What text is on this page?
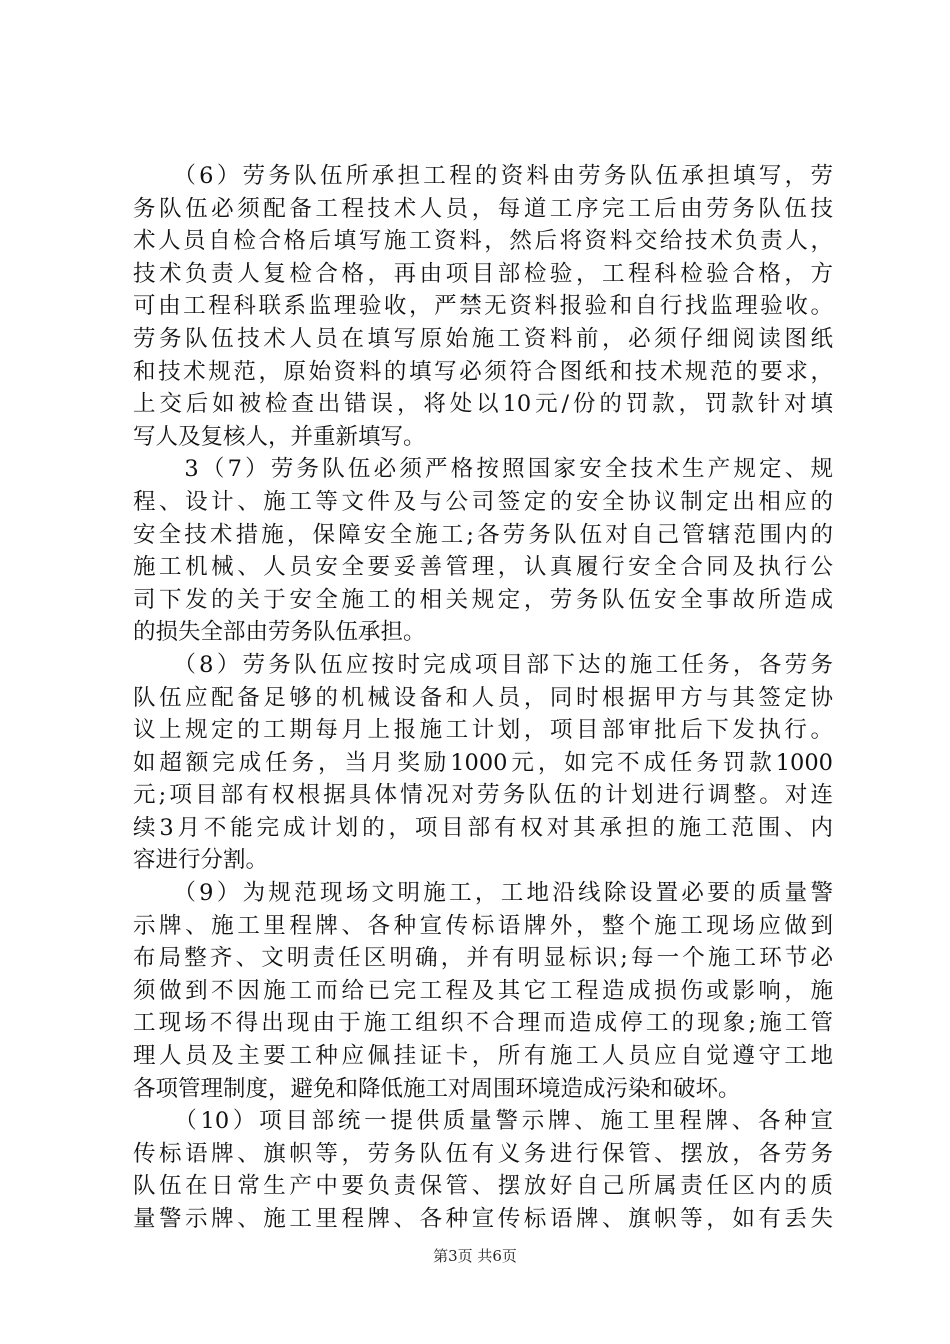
　　（6）劳务队伍所承担工程的资料由劳务队伍承担填写，劳
务队伍必须配备工程技术人员，每道工序完工后由劳务队伍技
术人员自检合格后填写施工资料，然后将资料交给技术负责人，
技术负责人复检合格，再由项目部检验，工程科检验合格，方
可由工程科联系监理验收，严禁无资料报验和自行找监理验收。
劳务队伍技术人员在填写原始施工资料前，必须仔细阅读图纸
和技术规范，原始资料的填写必须符合图纸和技术规范的要求，
上交后如被检查出错误，将处以10元/份的罚款，罚款针对填
写人及复核人，并重新填写。
　　3（7）劳务队伍必须严格按照国家安全技术生产规定、规
程、设计、施工等文件及与公司签定的安全协议制定出相应的
安全技术措施，保障安全施工;各劳务队伍对自己管辖范围内的
施工机械、人员安全要妥善管理，认真履行安全合同及执行公
司下发的关于安全施工的相关规定，劳务队伍安全事故所造成
的损失全部由劳务队伍承担。
　　（8）劳务队伍应按时完成项目部下达的施工任务，各劳务
队伍应配备足够的机械设备和人员，同时根据甲方与其签定协
议上规定的工期每月上报施工计划，项目部审批后下发执行。
如超额完成任务，当月奖励1000元，如完不成任务罚款1000
元;项目部有权根据具体情况对劳务队伍的计划进行调整。对连
续3月不能完成计划的，项目部有权对其承担的施工范围、内
容进行分割。
　　（9）为规范现场文明施工，工地沿线除设置必要的质量警
示牌、施工里程牌、各种宣传标语牌外，整个施工现场应做到
布局整齐、文明责任区明确，并有明显标识;每一个施工环节必
须做到不因施工而给已完工程及其它工程造成损伤或影响，施
工现场不得出现由于施工组织不合理而造成停工的现象;施工管
理人员及主要工种应佩挂证卡，所有施工人员应自觉遵守工地
各项管理制度，避免和降低施工对周围环境造成污染和破坏。
　　（10）项目部统一提供质量警示牌、施工里程牌、各种宣
传标语牌、旗帜等，劳务队伍有义务进行保管、摆放，各劳务
队伍在日常生产中要负责保管、摆放好自己所属责任区内的质
量警示牌、施工里程牌、各种宣传标语牌、旗帜等，如有丢失
第3页 共6页
